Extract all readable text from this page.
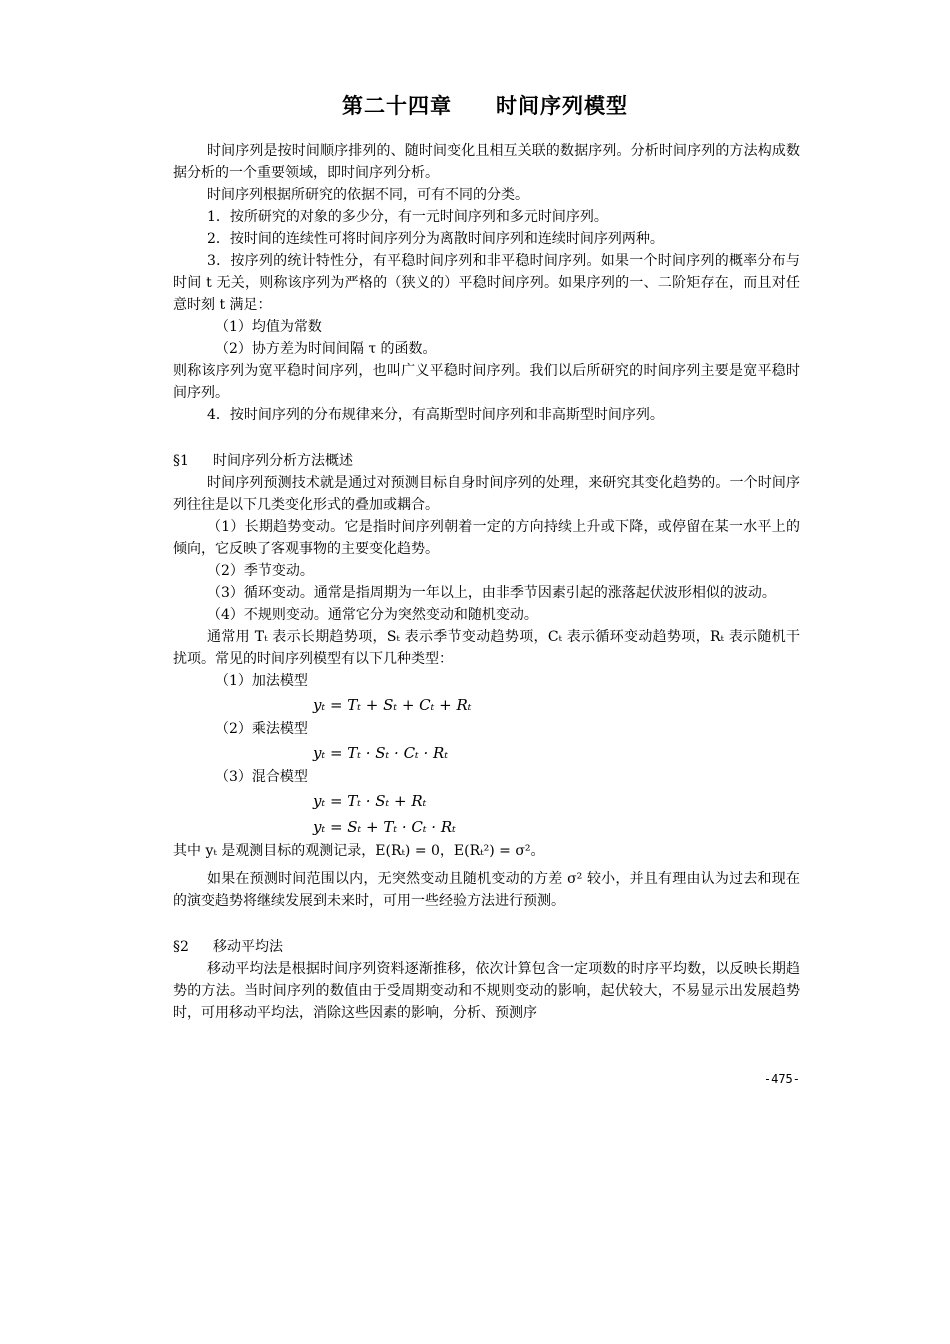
第二十四章　　时间序列模型

时间序列是按时间顺序排列的、随时间变化且相互关联的数据序列。分析时间序列的方法构成数据分析的一个重要领域，即时间序列分析。

时间序列根据所研究的依据不同，可有不同的分类。

1．按所研究的对象的多少分，有一元时间序列和多元时间序列。

2．按时间的连续性可将时间序列分为离散时间序列和连续时间序列两种。

3．按序列的统计特性分，有平稳时间序列和非平稳时间序列。如果一个时间序列的概率分布与时间 t 无关，则称该序列为严格的（狭义的）平稳时间序列。如果序列的一、二阶矩存在，而且对任意时刻 t 满足：

（1）均值为常数

（2）协方差为时间间隔 τ 的函数。

则称该序列为宽平稳时间序列，也叫广义平稳时间序列。我们以后所研究的时间序列主要是宽平稳时间序列。

4．按时间序列的分布规律来分，有高斯型时间序列和非高斯型时间序列。

§1 时间序列分析方法概述

时间序列预测技术就是通过对预测目标自身时间序列的处理，来研究其变化趋势的。一个时间序列往往是以下几类变化形式的叠加或耦合。

（1）长期趋势变动。它是指时间序列朝着一定的方向持续上升或下降，或停留在某一水平上的倾向，它反映了客观事物的主要变化趋势。

（2）季节变动。

（3）循环变动。通常是指周期为一年以上，由非季节因素引起的涨落起伏波形相似的波动。

（4）不规则变动。通常它分为突然变动和随机变动。

通常用 Tₜ 表示长期趋势项，Sₜ 表示季节变动趋势项，Cₜ 表示循环变动趋势项，Rₜ 表示随机干扰项。常见的时间序列模型有以下几种类型：

（1）加法模型

yₜ = Tₜ + Sₜ + Cₜ + Rₜ

（2）乘法模型

yₜ = Tₜ · Sₜ · Cₜ · Rₜ

（3）混合模型

yₜ = Tₜ · Sₜ + Rₜ

yₜ = Sₜ + Tₜ · Cₜ · Rₜ

其中 yₜ 是观测目标的观测记录，E(Rₜ) = 0，E(Rₜ²) = σ²。

如果在预测时间范围以内，无突然变动且随机变动的方差 σ² 较小，并且有理由认为过去和现在的演变趋势将继续发展到未来时，可用一些经验方法进行预测。

§2 移动平均法

移动平均法是根据时间序列资料逐渐推移，依次计算包含一定项数的时序平均数，以反映长期趋势的方法。当时间序列的数值由于受周期变动和不规则变动的影响，起伏较大，不易显示出发展趋势时，可用移动平均法，消除这些因素的影响，分析、预测序

-475-
